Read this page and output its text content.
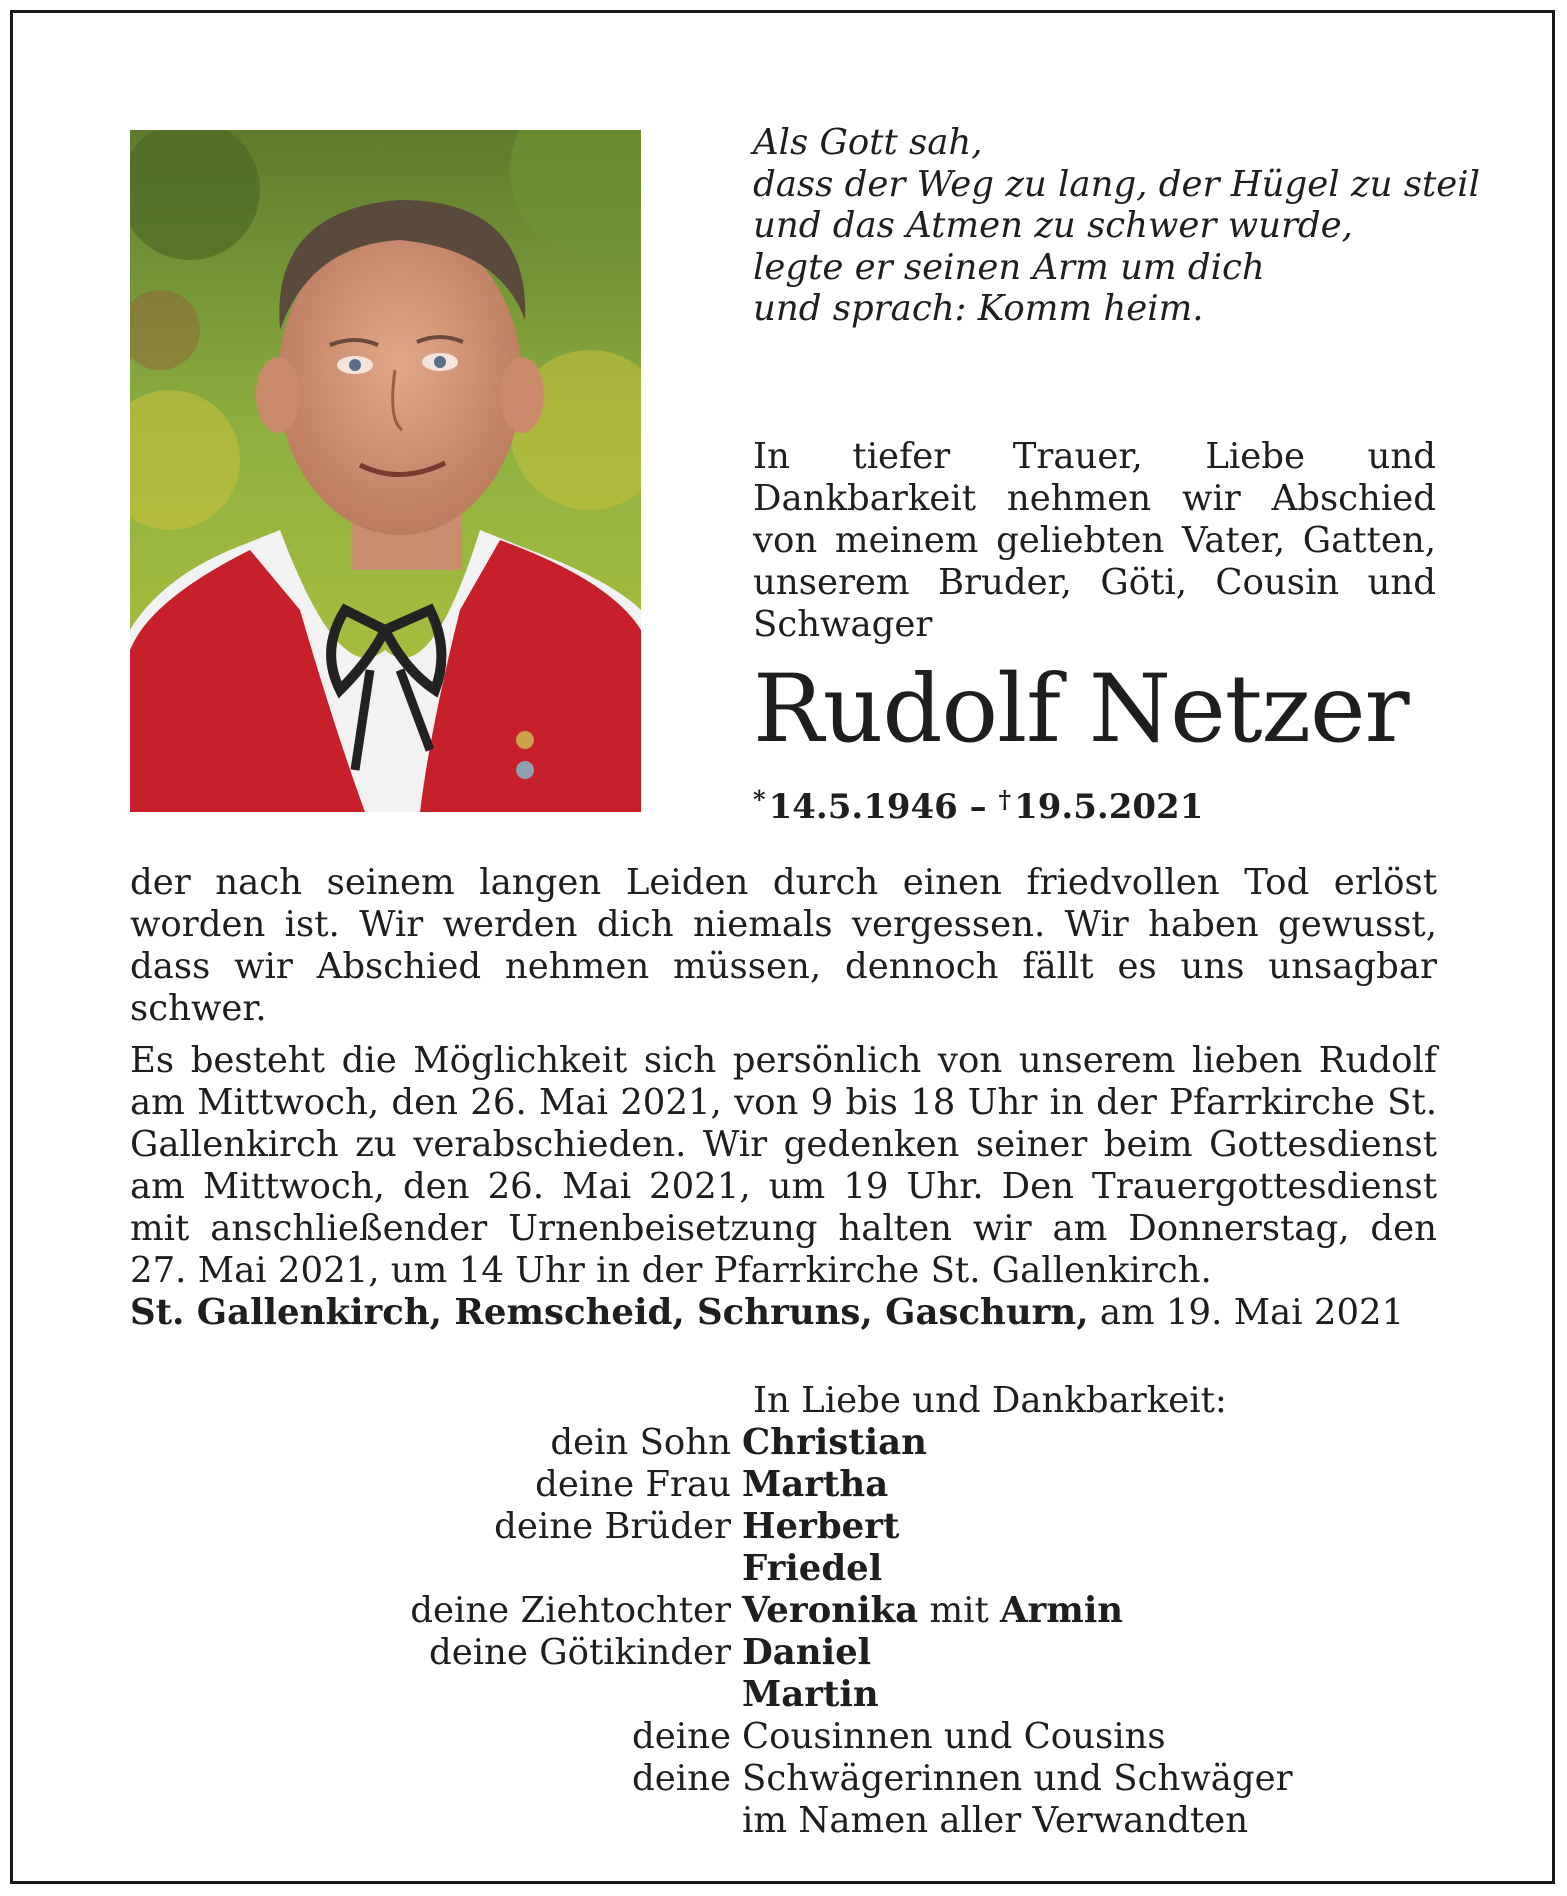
Als Gott sah,
dass der Weg zu lang, der Hügel zu steil
und das Atmen zu schwer wurde,
legte er seinen Arm um dich
und sprach: Komm heim.
In tiefer Trauer, Liebe und Dankbarkeit nehmen wir Abschied von meinem geliebten Vater, Gatten, unserem Bruder, Göti, Cousin und Schwager
Rudolf Netzer
*14.5.1946 – †19.5.2021

der nach seinem langen Leiden durch einen friedvollen Tod erlöst worden ist. Wir werden dich niemals vergessen. Wir haben gewusst, dass wir Abschied nehmen müssen, dennoch fällt es uns unsagbar schwer.

Es besteht die Möglichkeit sich persönlich von unserem lieben Rudolf am Mittwoch, den 26. Mai 2021, von 9 bis 18 Uhr in der Pfarrkirche St. Gallenkirch zu verabschieden. Wir gedenken seiner beim Gottesdienst am Mittwoch, den 26. Mai 2021, um 19 Uhr. Den Trauergottesdienst mit anschließender Urnenbeisetzung halten wir am Donnerstag, den 27. Mai 2021, um 14 Uhr in der Pfarrkirche St. Gallenkirch.

St. Gallenkirch, Remscheid, Schruns, Gaschurn, am 19. Mai 2021
In Liebe und Dankbarkeit:
dein Sohn Christian
deine Frau Martha
deine Brüder Herbert
Friedel
deine Ziehtochter Veronika mit Armin
deine Götikinder Daniel
Martin
deine Cousinnen und Cousins
deine Schwägerinnen und Schwäger
im Namen aller Verwandten
